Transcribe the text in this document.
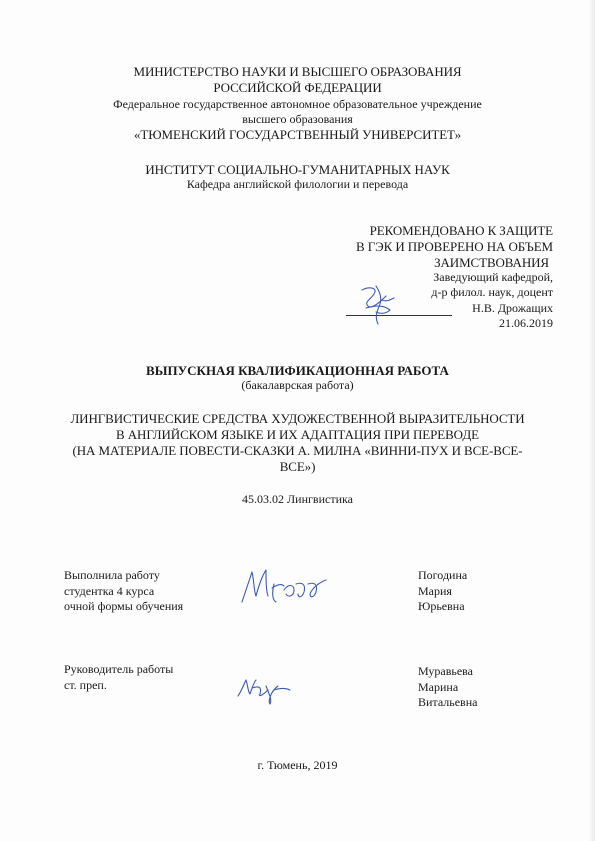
МИНИСТЕРСТВО НАУКИ И ВЫСШЕГО ОБРАЗОВАНИЯ
РОССИЙСКОЙ ФЕДЕРАЦИИ
Федеральное государственное автономное образовательное учреждение
высшего образования
«ТЮМЕНСКИЙ ГОСУДАРСТВЕННЫЙ УНИВЕРСИТЕТ»
ИНСТИТУТ СОЦИАЛЬНО-ГУМАНИТАРНЫХ НАУК
Кафедра английской филологии и перевода
РЕКОМЕНДОВАНО К ЗАЩИТЕ
В ГЭК И ПРОВЕРЕНО НА ОБЪЕМ
ЗАИМСТВОВАНИЯ
Заведующий кафедрой,
д-р филол. наук, доцент
Н.В. Дрожащих
21.06.2019
ВЫПУСКНАЯ КВАЛИФИКАЦИОННАЯ РАБОТА
(бакалаврская работа)
ЛИНГВИСТИЧЕСКИЕ СРЕДСТВА ХУДОЖЕСТВЕННОЙ ВЫРАЗИТЕЛЬНОСТИ
В АНГЛИЙСКОМ ЯЗЫКЕ И ИХ АДАПТАЦИЯ ПРИ ПЕРЕВОДЕ
(НА МАТЕРИАЛЕ ПОВЕСТИ-СКАЗКИ А. МИЛНА «ВИННИ-ПУХ И ВСЕ-ВСЕ-
ВСЕ»)
45.03.02 Лингвистика
Выполнила работу
студентка 4 курса
очной формы обучения
Погодина
Мария
Юрьевна
Руководитель работы
ст. преп.
Муравьева
Марина
Витальевна
г. Тюмень, 2019
